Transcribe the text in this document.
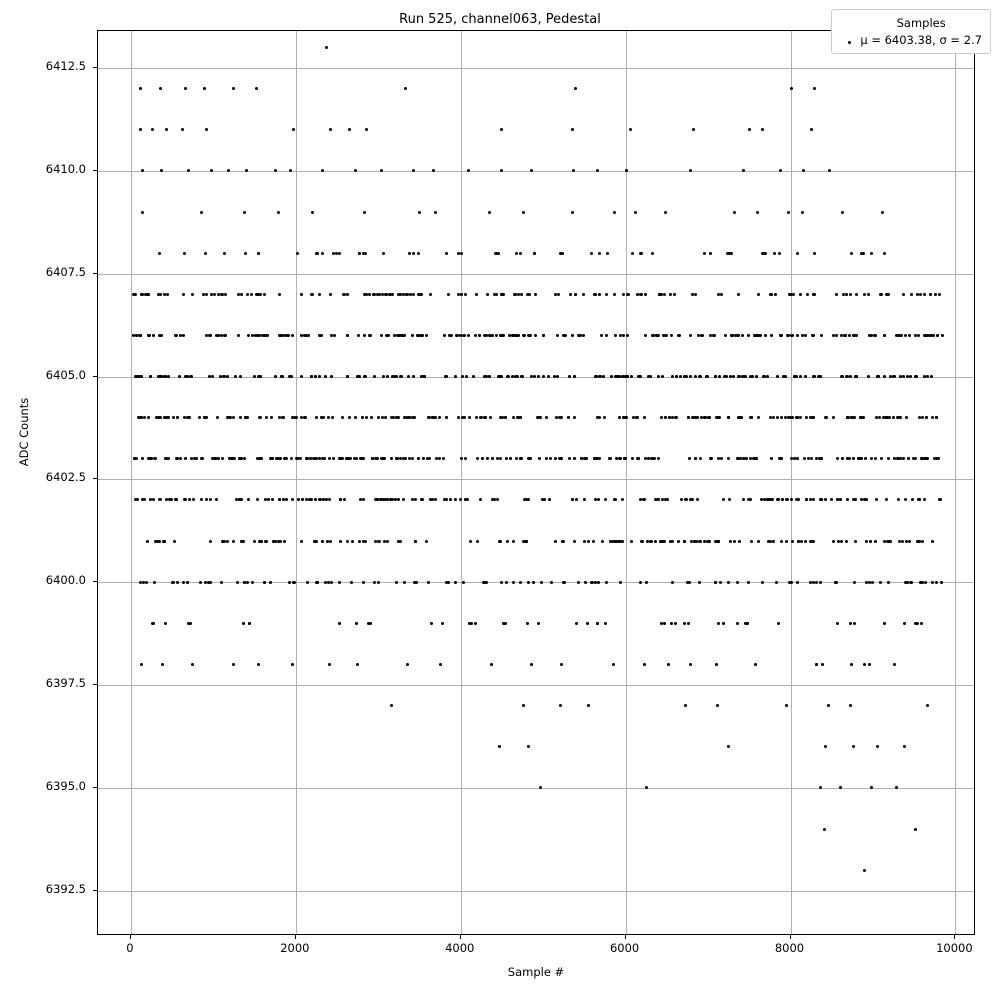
Run 525, channel063, Pedestal
0	2000	4000	6000	8000	10000
6392.5
6395.0
6397.5
6400.0
6402.5
6405.0
6407.5
6410.0
6412.5
Sample #
ADC Counts
Samples
μ = 6403.38, σ = 2.7
